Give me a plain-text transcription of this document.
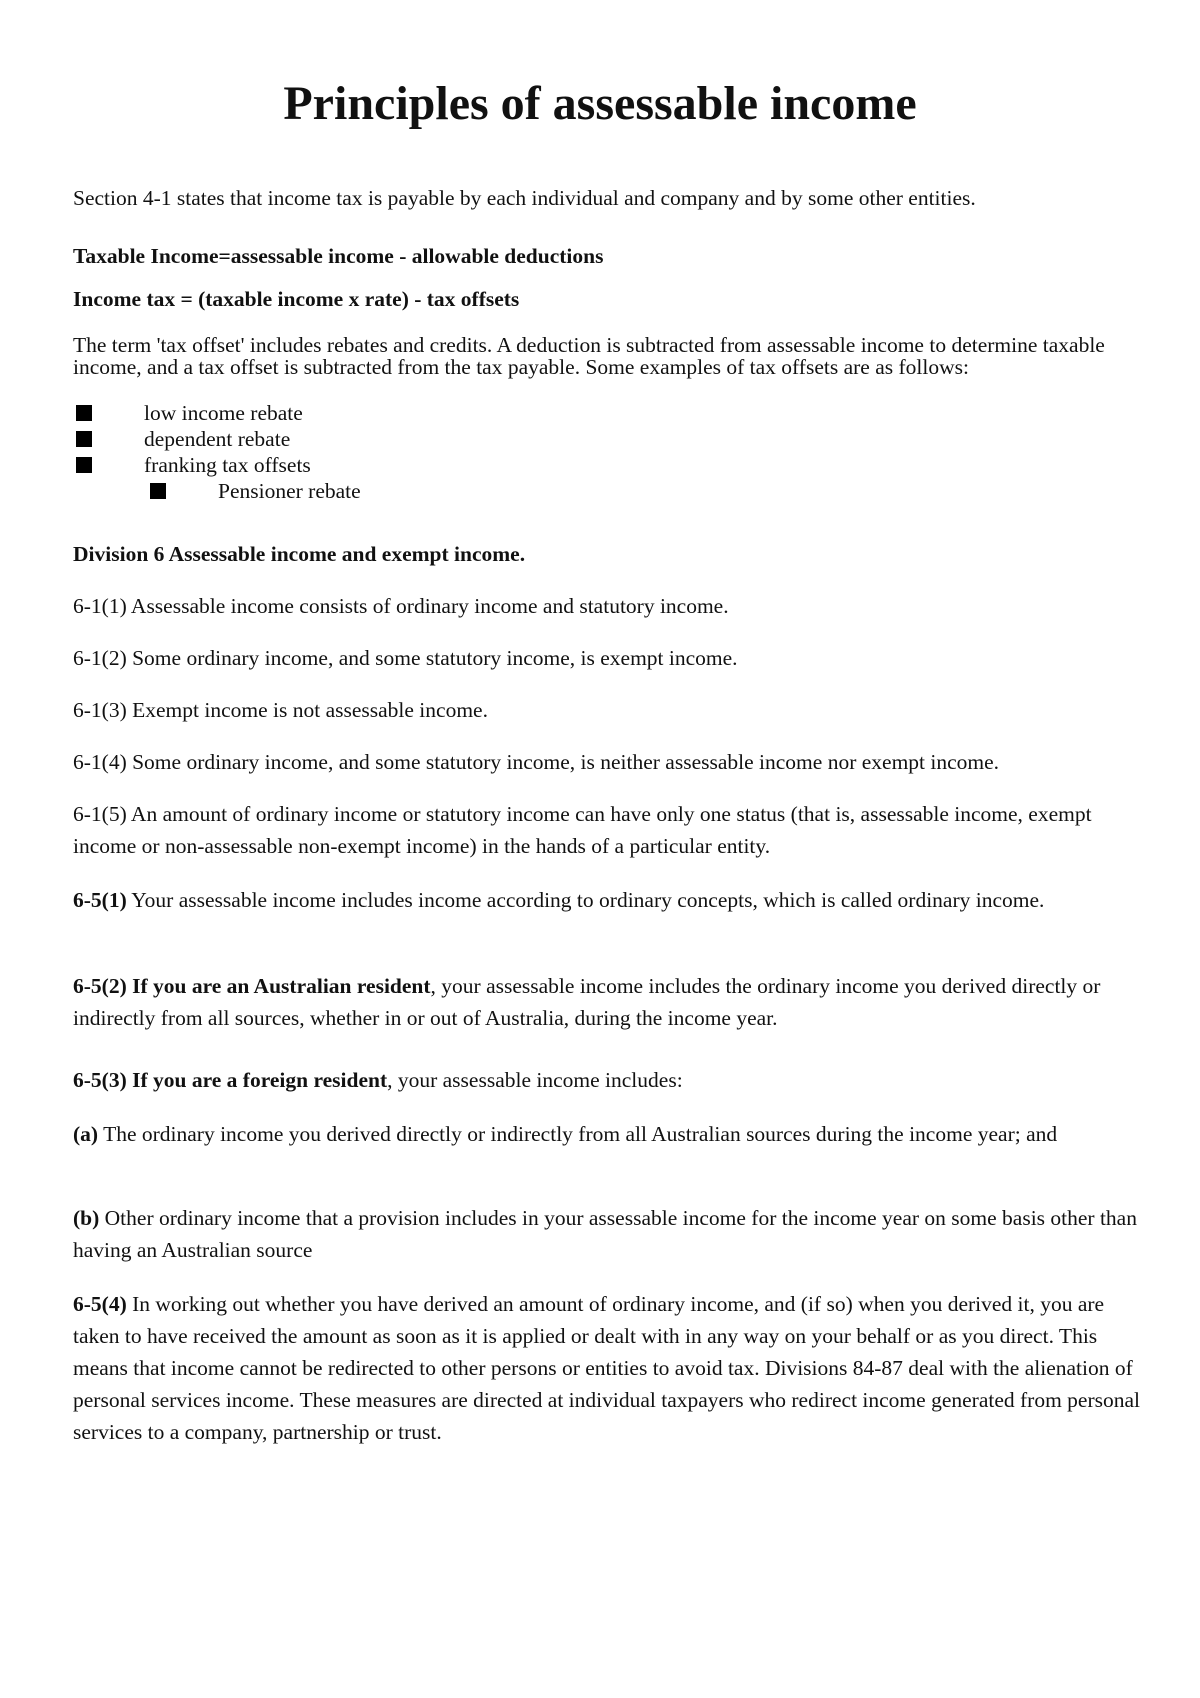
Principles of assessable income

Section 4-1 states that income tax is payable by each individual and company and by some other entities.

Taxable Income=assessable income - allowable deductions

Income tax = (taxable income x rate) - tax offsets

The term 'tax offset' includes rebates and credits. A deduction is subtracted from assessable income to determine taxable income, and a tax offset is subtracted from the tax payable. Some examples of tax offsets are as follows:

low income rebate
dependent rebate
franking tax offsets
Pensioner rebate

Division 6 Assessable income and exempt income.

6-1(1) Assessable income consists of ordinary income and statutory income.

6-1(2) Some ordinary income, and some statutory income, is exempt income.

6-1(3) Exempt income is not assessable income.

6-1(4) Some ordinary income, and some statutory income, is neither assessable income nor exempt income.

6-1(5) An amount of ordinary income or statutory income can have only one status (that is, assessable income, exempt income or non-assessable non-exempt income) in the hands of a particular entity.

6-5(1) Your assessable income includes income according to ordinary concepts, which is called ordinary income.

6-5(2) If you are an Australian resident, your assessable income includes the ordinary income you derived directly or indirectly from all sources, whether in or out of Australia, during the income year.

6-5(3) If you are a foreign resident, your assessable income includes:

(a) The ordinary income you derived directly or indirectly from all Australian sources during the income year; and

(b) Other ordinary income that a provision includes in your assessable income for the income year on some basis other than having an Australian source

6-5(4) In working out whether you have derived an amount of ordinary income, and (if so) when you derived it, you are taken to have received the amount as soon as it is applied or dealt with in any way on your behalf or as you direct. This means that income cannot be redirected to other persons or entities to avoid tax. Divisions 84-87 deal with the alienation of personal services income. These measures are directed at individual taxpayers who redirect income generated from personal services to a company, partnership or trust.
